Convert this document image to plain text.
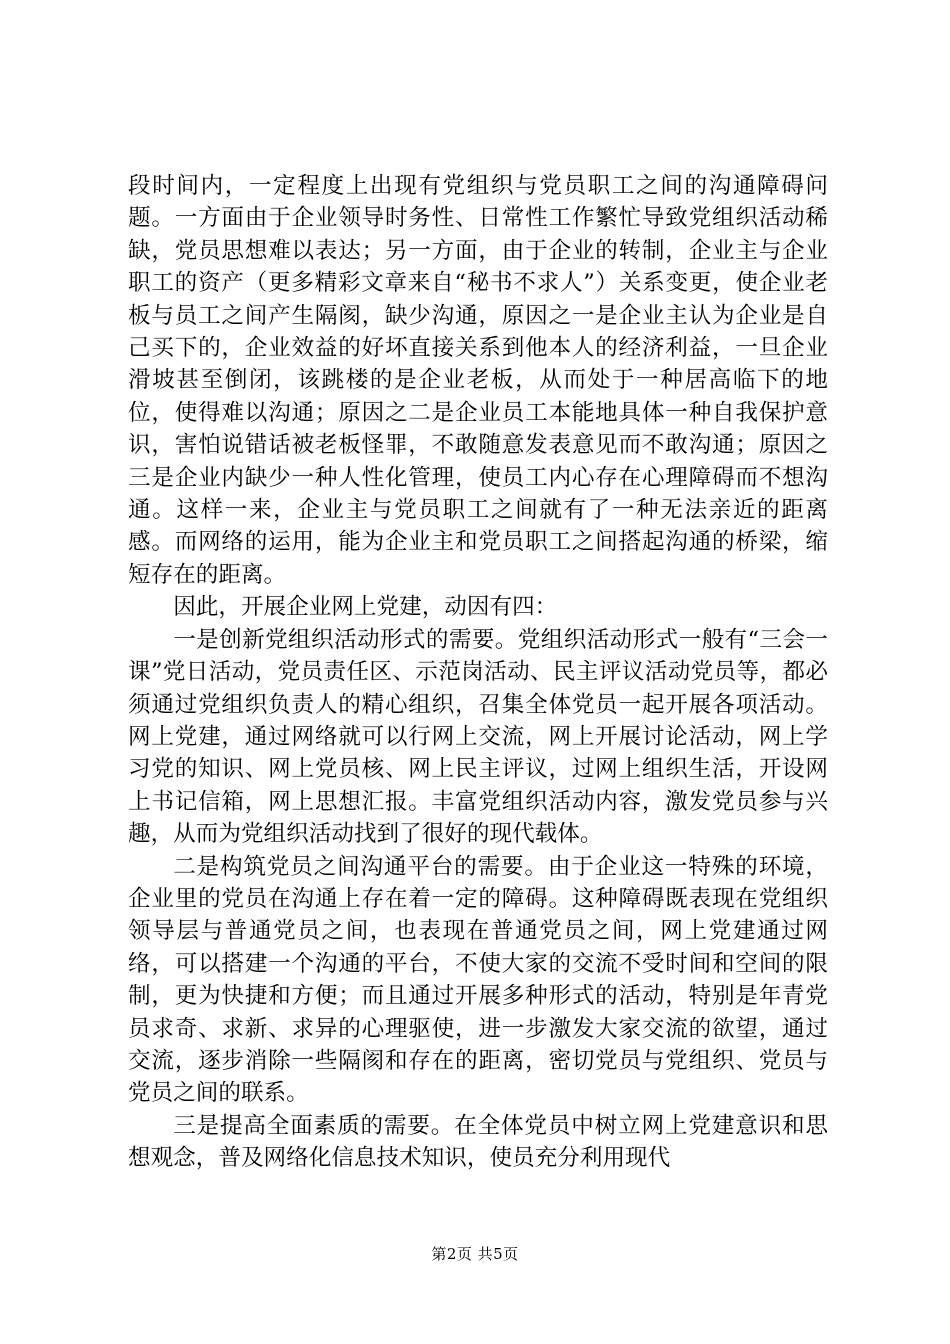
段时间内，一定程度上出现有党组织与党员职工之间的沟通障碍问题。一方面由于企业领导时务性、日常性工作繁忙导致党组织活动稀缺，党员思想难以表达；另一方面，由于企业的转制，企业主与企业职工的资产（更多精彩文章来自“秘书不求人”）关系变更，使企业老板与员工之间产生隔阂，缺少沟通，原因之一是企业主认为企业是自己买下的，企业效益的好坏直接关系到他本人的经济利益，一旦企业滑坡甚至倒闭，该跳楼的是企业老板，从而处于一种居高临下的地位，使得难以沟通；原因之二是企业员工本能地具体一种自我保护意识，害怕说错话被老板怪罪，不敢随意发表意见而不敢沟通；原因之三是企业内缺少一种人性化管理，使员工内心存在心理障碍而不想沟通。这样一来，企业主与党员职工之间就有了一种无法亲近的距离感。而网络的运用，能为企业主和党员职工之间搭起沟通的桥梁，缩短存在的距离。

因此，开展企业网上党建，动因有四：

一是创新党组织活动形式的需要。党组织活动形式一般有“三会一课”党日活动，党员责任区、示范岗活动、民主评议活动党员等，都必须通过党组织负责人的精心组织，召集全体党员一起开展各项活动。网上党建，通过网络就可以行网上交流，网上开展讨论活动，网上学习党的知识、网上党员核、网上民主评议，过网上组织生活，开设网上书记信箱，网上思想汇报。丰富党组织活动内容，激发党员参与兴趣，从而为党组织活动找到了很好的现代载体。

二是构筑党员之间沟通平台的需要。由于企业这一特殊的环境，企业里的党员在沟通上存在着一定的障碍。这种障碍既表现在党组织领导层与普通党员之间，也表现在普通党员之间，网上党建通过网络，可以搭建一个沟通的平台，不使大家的交流不受时间和空间的限制，更为快捷和方便；而且通过开展多种形式的活动，特别是年青党员求奇、求新、求异的心理驱使，进一步激发大家交流的欲望，通过交流，逐步消除一些隔阂和存在的距离，密切党员与党组织、党员与党员之间的联系。

三是提高全面素质的需要。在全体党员中树立网上党建意识和思想观念，普及网络化信息技术知识，使员充分利用现代

第2页 共5页
